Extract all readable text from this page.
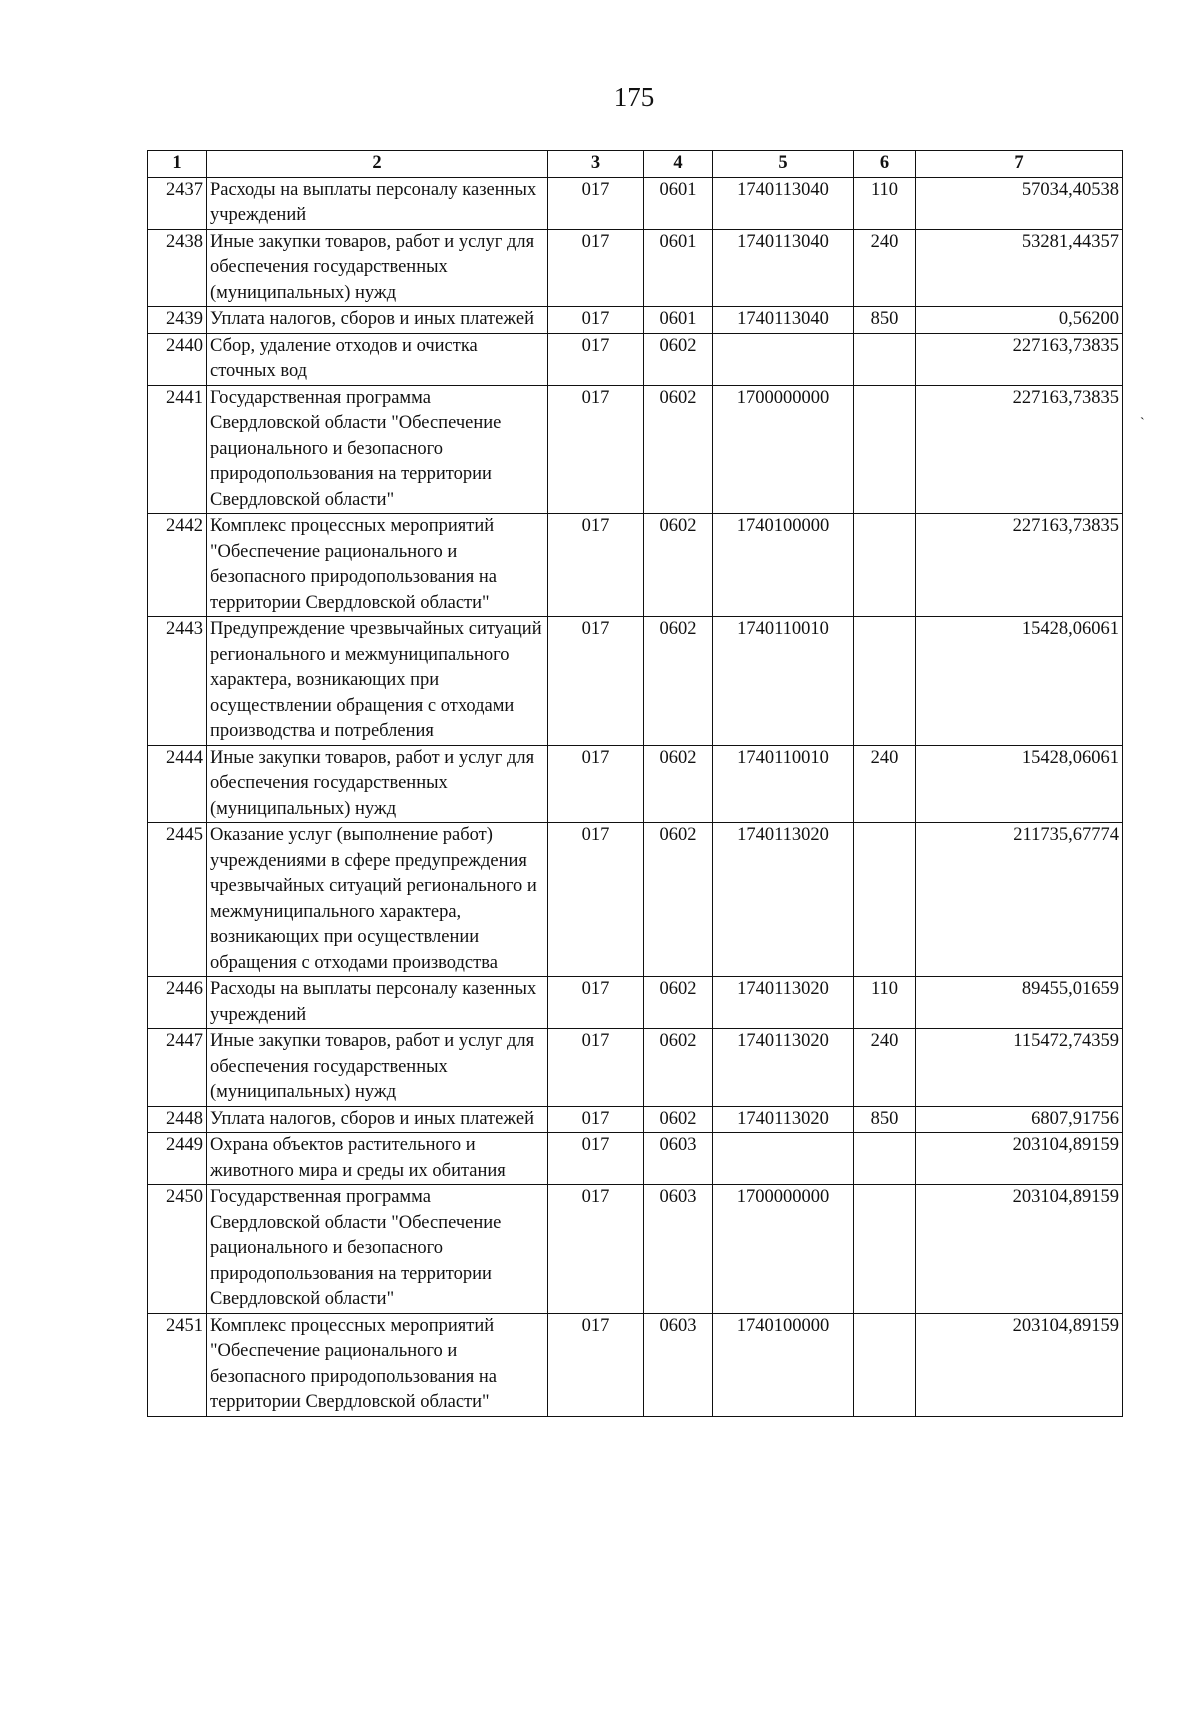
175
1	2	3	4	5	6	7
2437	Расходы на выплаты персоналу казенных учреждений	017	0601	1740113040	110	57034,40538
2438	Иные закупки товаров, работ и услуг для обеспечения государственных (муниципальных) нужд	017	0601	1740113040	240	53281,44357
2439	Уплата налогов, сборов и иных платежей	017	0601	1740113040	850	0,56200
2440	Сбор, удаление отходов и очистка сточных вод	017	0602			227163,73835
2441	Государственная программа Свердловской области "Обеспечение рационального и безопасного природопользования на территории Свердловской области"	017	0602	1700000000		227163,73835
2442	Комплекс процессных мероприятий "Обеспечение рационального и безопасного природопользования на территории Свердловской области"	017	0602	1740100000		227163,73835
2443	Предупреждение чрезвычайных ситуаций регионального и межмуниципального характера, возникающих при осуществлении обращения с отходами производства и потребления	017	0602	1740110010		15428,06061
2444	Иные закупки товаров, работ и услуг для обеспечения государственных (муниципальных) нужд	017	0602	1740110010	240	15428,06061
2445	Оказание услуг (выполнение работ) учреждениями в сфере предупреждения чрезвычайных ситуаций регионального и межмуниципального характера, возникающих при осуществлении обращения с отходами производства	017	0602	1740113020		211735,67774
2446	Расходы на выплаты персоналу казенных учреждений	017	0602	1740113020	110	89455,01659
2447	Иные закупки товаров, работ и услуг для обеспечения государственных (муниципальных) нужд	017	0602	1740113020	240	115472,74359
2448	Уплата налогов, сборов и иных платежей	017	0602	1740113020	850	6807,91756
2449	Охрана объектов растительного и животного мира и среды их обитания	017	0603			203104,89159
2450	Государственная программа Свердловской области "Обеспечение рационального и безопасного природопользования на территории Свердловской области"	017	0603	1700000000		203104,89159
2451	Комплекс процессных мероприятий "Обеспечение рационального и безопасного природопользования на территории Свердловской области"	017	0603	1740100000		203104,89159
`
